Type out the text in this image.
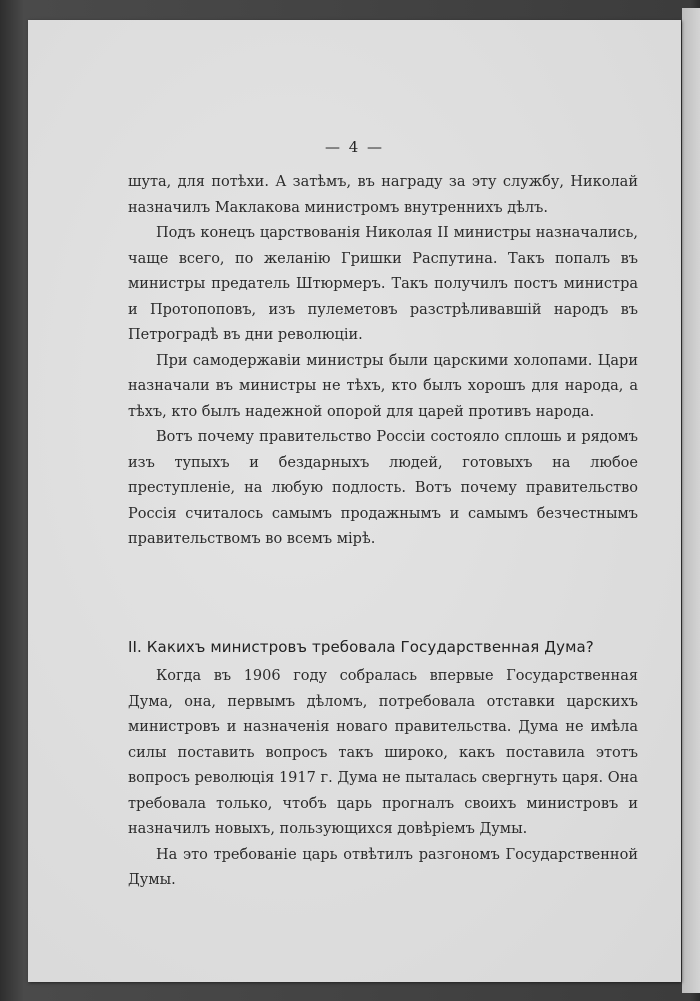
— 4 —

шута, для потѣхи. А затѣмъ, въ награду за эту службу, Николай назначилъ Маклакова министромъ внутреннихъ дѣлъ.

Подъ конецъ царствованія Николая II министры назначались, чаще всего, по желанію Гришки Распутина. Такъ попалъ въ министры предатель Штюрмеръ. Такъ получилъ постъ министра и Протопоповъ, изъ пулеметовъ разстрѣливавшій народъ въ Петроградѣ въ дни революціи.

При самодержавіи министры были царскими холопами. Цари назначали въ министры не тѣхъ, кто былъ хорошъ для народа, а тѣхъ, кто былъ надежной опорой для царей противъ народа.

Вотъ почему правительство Россіи состояло сплошь и рядомъ изъ тупыхъ и бездарныхъ людей, готовыхъ на любое преступленіе, на любую подлость. Вотъ почему правительство Россія считалось самымъ продажнымъ и самымъ безчестнымъ правительствомъ во всемъ мірѣ.

II. Какихъ министровъ требовала Государственная Дума?

Когда въ 1906 году собралась впервые Государственная Дума, она, первымъ дѣломъ, потребовала отставки царскихъ министровъ и назначенія новаго правительства. Дума не имѣла силы поставить вопросъ такъ широко, какъ поставила этотъ вопросъ революція 1917 г. Дума не пыталась свергнуть царя. Она требовала только, чтобъ царь прогналъ своихъ министровъ и назначилъ новыхъ, пользующихся довѣріемъ Думы.

На это требованіе царь отвѣтилъ разгономъ Государственной Думы.
